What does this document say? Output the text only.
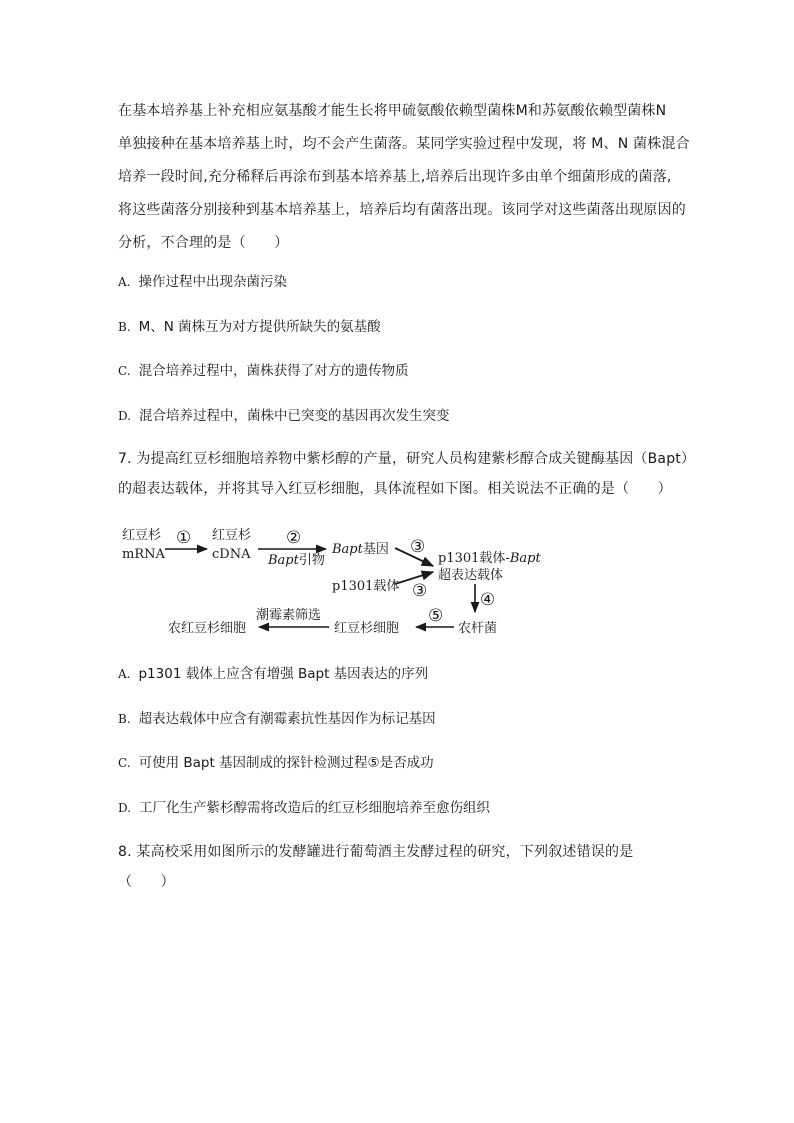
在基本培养基上补充相应氨基酸才能生长将甲硫氨酸依赖型菌株M和苏氨酸依赖型菌株N

单独接种在基本培养基上时，均不会产生菌落。某同学实验过程中发现，将 M、N 菌株混合

培养一段时间,充分稀释后再涂布到基本培养基上,培养后出现许多由单个细菌形成的菌落,

将这些菌落分别接种到基本培养基上，培养后均有菌落出现。该同学对这些菌落出现原因的

分析，不合理的是（　　）

A. 操作过程中出现杂菌污染
B. M、N 菌株互为对方提供所缺失的氨基酸
C. 混合培养过程中，菌株获得了对方的遗传物质
D. 混合培养过程中，菌株中已突变的基因再次发生突变

7. 为提高红豆杉细胞培养物中紫杉醇的产量，研究人员构建紫杉醇合成关键酶基因（Bapt）

的超表达载体，并将其导入红豆杉细胞，具体流程如下图。相关说法不正确的是（　　）

红豆杉
mRNA
① 红豆杉
cDNA
②
Bapt引物
Bapt基因 ③
③
p1301载体
p1301载体-Bapt
超表达载体
④
农杆菌
⑤
红豆杉细胞
潮霉素筛选
农红豆杉细胞
A. p1301 载体上应含有增强 Bapt 基因表达的序列
B. 超表达载体中应含有潮霉素抗性基因作为标记基因
C. 可使用 Bapt 基因制成的探针检测过程⑤是否成功
D. 工厂化生产紫杉醇需将改造后的红豆杉细胞培养至愈伤组织

8. 某高校采用如图所示的发酵罐进行葡萄酒主发酵过程的研究，下列叙述错误的是

（　　）
